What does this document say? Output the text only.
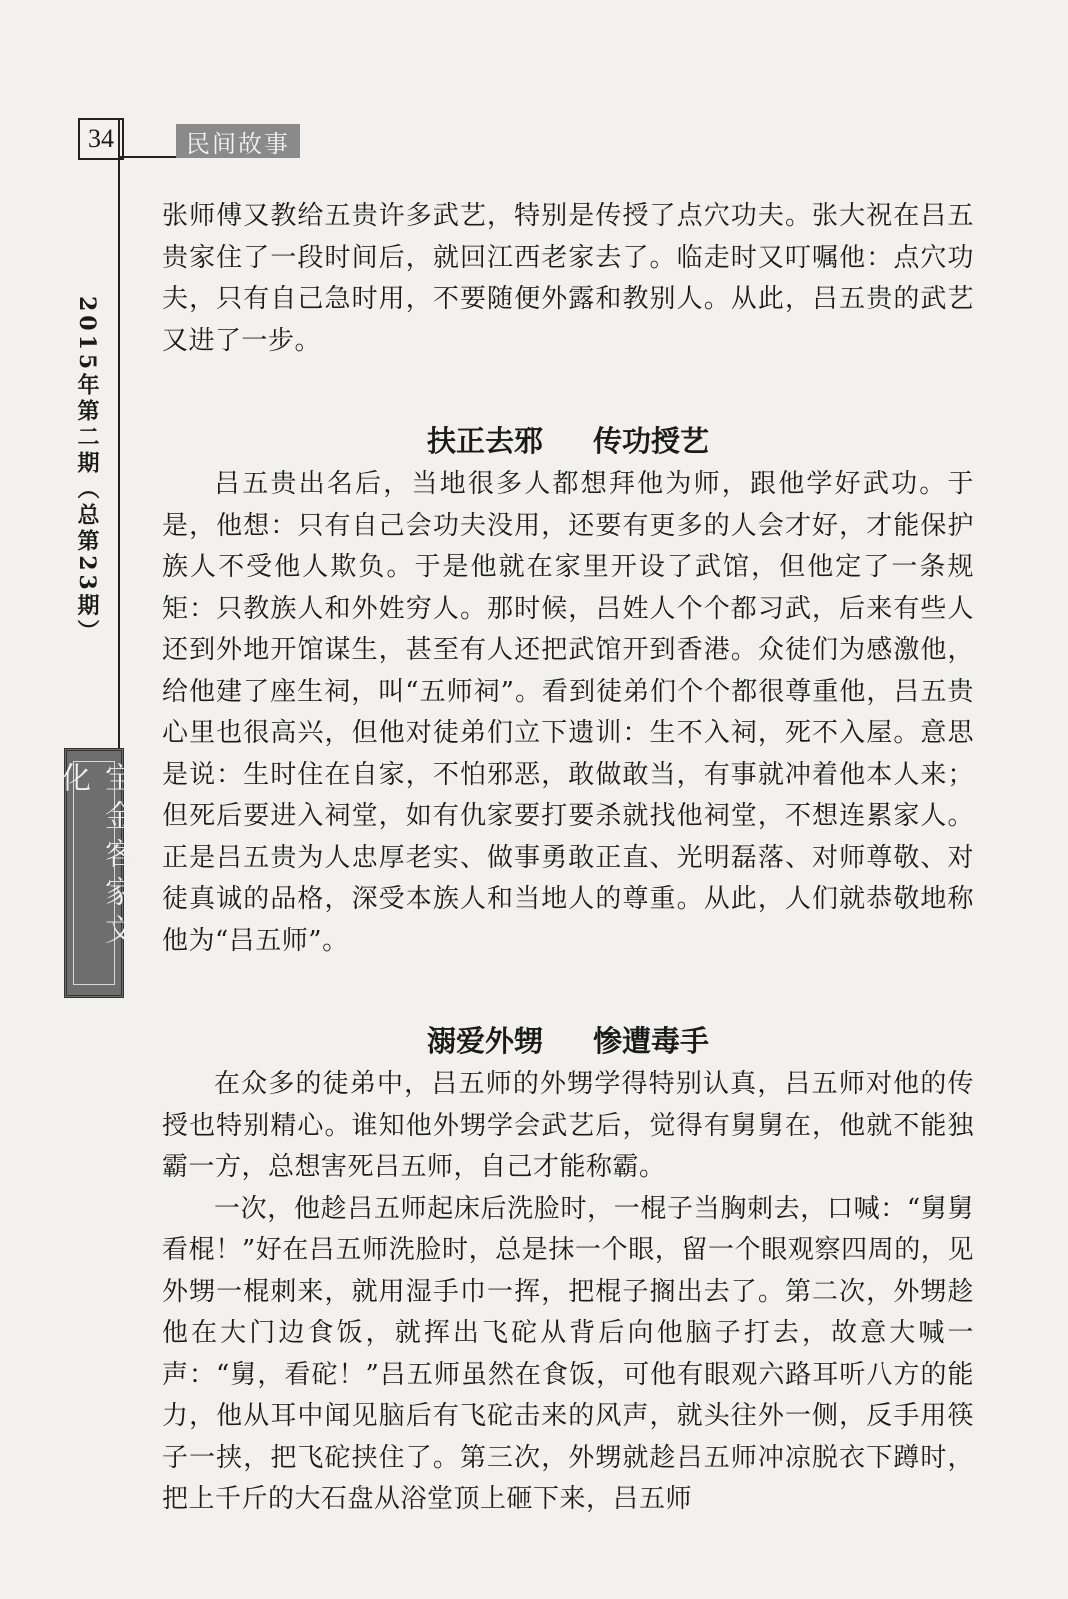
34	民间故事
2015年第二期（总第23期）
宝金客家文化

张师傅又教给五贵许多武艺，特别是传授了点穴功夫。张大祝在吕五贵家住了一段时间后，就回江西老家去了。临走时又叮嘱他：点穴功夫，只有自己急时用，不要随便外露和教别人。从此，吕五贵的武艺又进了一步。

扶正去邪 传功授艺

吕五贵出名后，当地很多人都想拜他为师，跟他学好武功。于是，他想：只有自己会功夫没用，还要有更多的人会才好，才能保护族人不受他人欺负。于是他就在家里开设了武馆，但他定了一条规矩：只教族人和外姓穷人。那时候，吕姓人个个都习武，后来有些人还到外地开馆谋生，甚至有人还把武馆开到香港。众徒们为感激他，给他建了座生祠，叫“五师祠”。看到徒弟们个个都很尊重他，吕五贵心里也很高兴，但他对徒弟们立下遗训：生不入祠，死不入屋。意思是说：生时住在自家，不怕邪恶，敢做敢当，有事就冲着他本人来；但死后要进入祠堂，如有仇家要打要杀就找他祠堂，不想连累家人。正是吕五贵为人忠厚老实、做事勇敢正直、光明磊落、对师尊敬、对徒真诚的品格，深受本族人和当地人的尊重。从此，人们就恭敬地称他为“吕五师”。

溺爱外甥 惨遭毒手

在众多的徒弟中，吕五师的外甥学得特别认真，吕五师对他的传授也特别精心。谁知他外甥学会武艺后，觉得有舅舅在，他就不能独霸一方，总想害死吕五师，自己才能称霸。

一次，他趁吕五师起床后洗脸时，一棍子当胸刺去，口喊：“舅舅看棍！”好在吕五师洗脸时，总是抹一个眼，留一个眼观察四周的，见外甥一棍刺来，就用湿手巾一挥，把棍子搁出去了。第二次，外甥趁他在大门边食饭，就挥出飞砣从背后向他脑子打去，故意大喊一声：“舅，看砣！”吕五师虽然在食饭，可他有眼观六路耳听八方的能力，他从耳中闻见脑后有飞砣击来的风声，就头往外一侧，反手用筷子一挟，把飞砣挟住了。第三次，外甥就趁吕五师冲凉脱衣下蹲时，把上千斤的大石盘从浴堂顶上砸下来，吕五师
